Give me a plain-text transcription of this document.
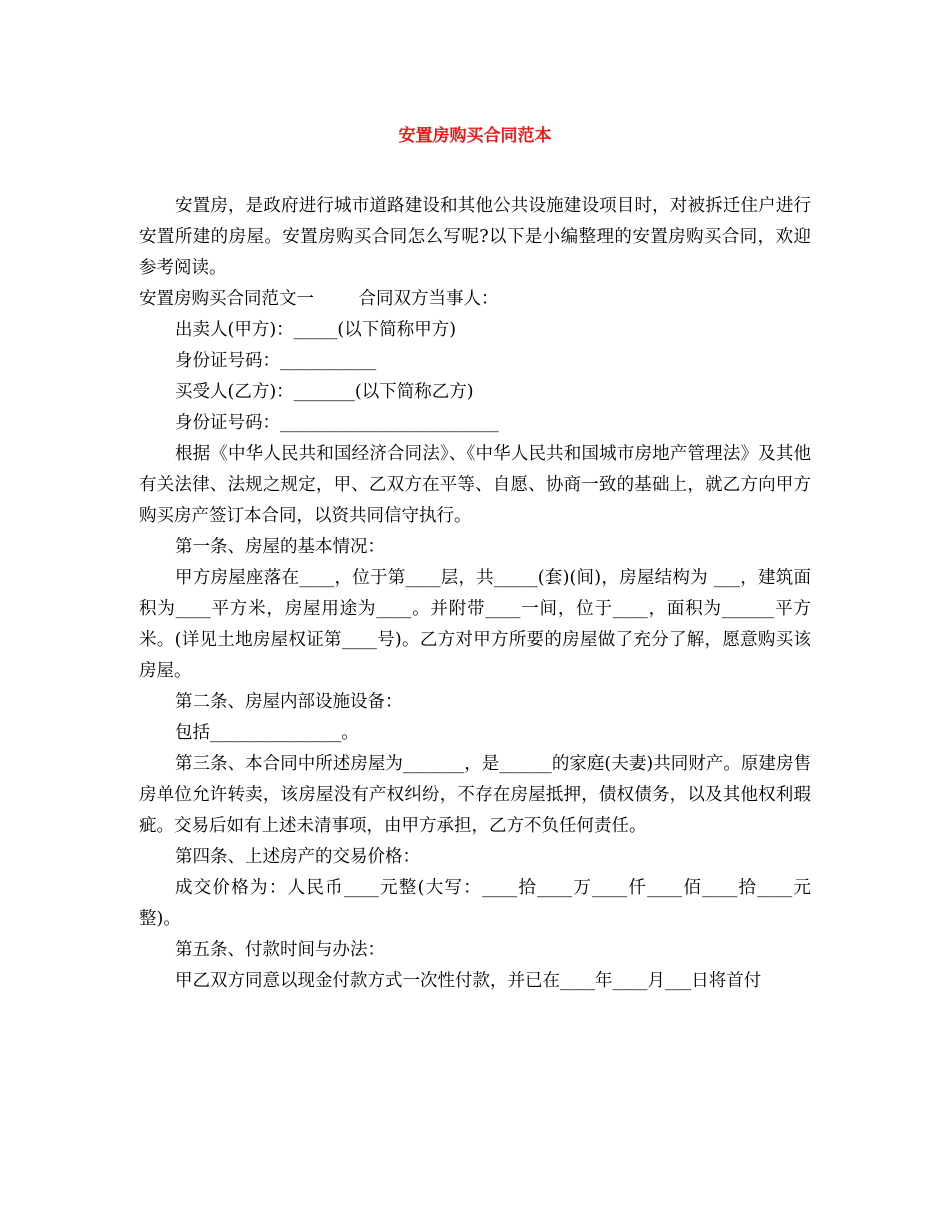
安置房购买合同范本

安置房，是政府进行城市道路建设和其他公共设施建设项目时，对被拆迁住户进行安置所建的房屋。安置房购买合同怎么写呢?以下是小编整理的安置房购买合同，欢迎参考阅读。

安置房购买合同范文一        合同双方当事人：

出卖人(甲方)：_____(以下简称甲方)

身份证号码：___________

买受人(乙方)：_______(以下简称乙方)

身份证号码：_________________________

根据《中华人民共和国经济合同法》、《中华人民共和国城市房地产管理法》及其他有关法律、法规之规定，甲、乙双方在平等、自愿、协商一致的基础上，就乙方向甲方购买房产签订本合同，以资共同信守执行。

第一条、房屋的基本情况：

甲方房屋座落在____，位于第____层，共_____(套)(间)，房屋结构为 ___，建筑面积为____平方米，房屋用途为____。并附带____一间，位于____，面积为______平方米。(详见土地房屋权证第____号)。乙方对甲方所要的房屋做了充分了解，愿意购买该房屋。

第二条、房屋内部设施设备：

包括_______________。

第三条、本合同中所述房屋为_______，是______的家庭(夫妻)共同财产。原建房售房单位允许转卖，该房屋没有产权纠纷，不存在房屋抵押，债权债务，以及其他权利瑕疵。交易后如有上述未清事项，由甲方承担，乙方不负任何责任。

第四条、上述房产的交易价格：

成交价格为：人民币____元整(大写：____拾____万____仟____佰____拾____元整)。

第五条、付款时间与办法：

甲乙双方同意以现金付款方式一次性付款，并已在____年____月___日将首付
